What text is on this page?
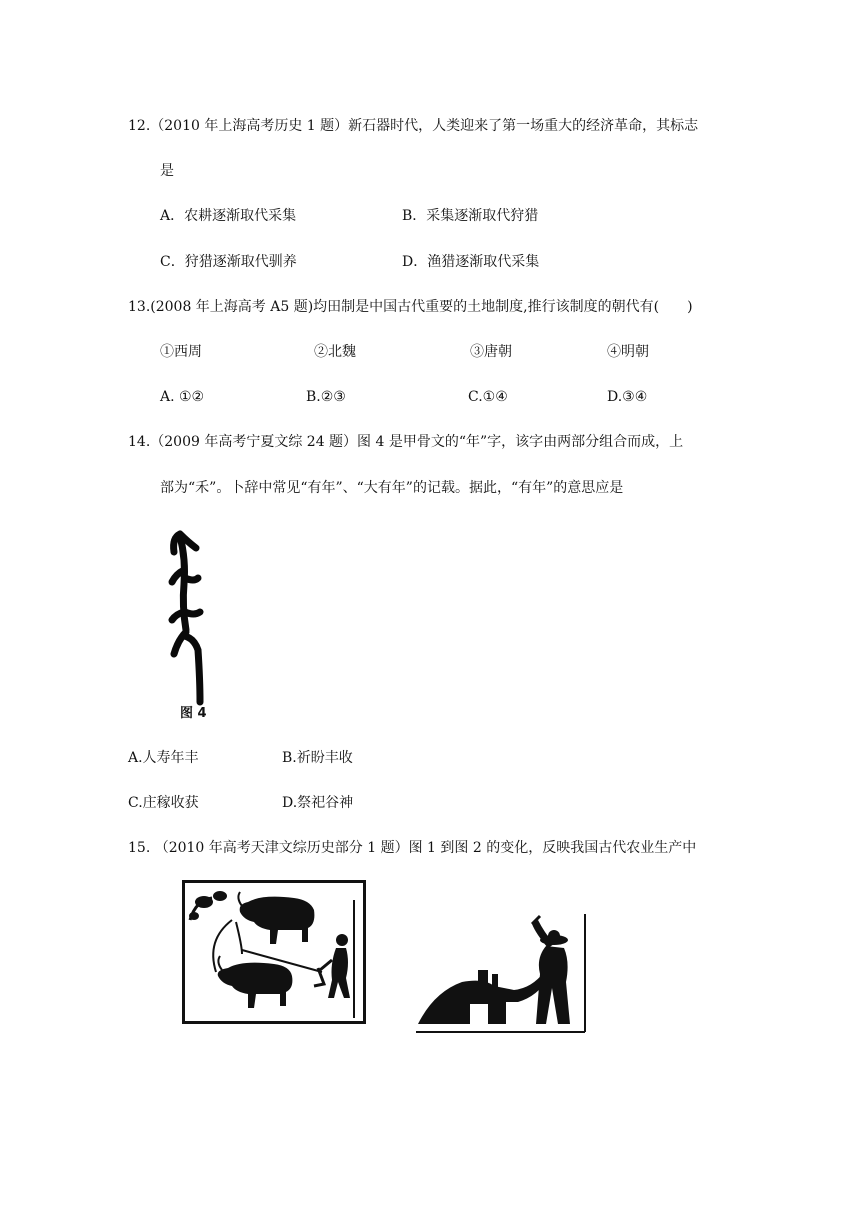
12.（2010 年上海高考历史 1 题）新石器时代，人类迎来了第一场重大的经济革命，其标志
是
A．农耕逐渐取代采集	B．采集逐渐取代狩猎
C．狩猎逐渐取代驯养	D．渔猎逐渐取代采集
13.(2008 年上海高考 A5 题)均田制是中国古代重要的土地制度,推行该制度的朝代有(　　)
①西周	②北魏	③唐朝	④明朝
A. ①②	B.②③	C.①④	D.③④
14.（2009 年高考宁夏文综 24 题）图 4 是甲骨文的“年”字，该字由两部分组合而成，上
部为“禾”。卜辞中常见“有年”、“大有年”的记载。据此，“有年”的意思应是
图 4
A.人寿年丰	B.祈盼丰收
C.庄稼收获	D.祭祀谷神
15. （2010 年高考天津文综历史部分 1 题）图 1 到图 2 的变化，反映我国古代农业生产中
